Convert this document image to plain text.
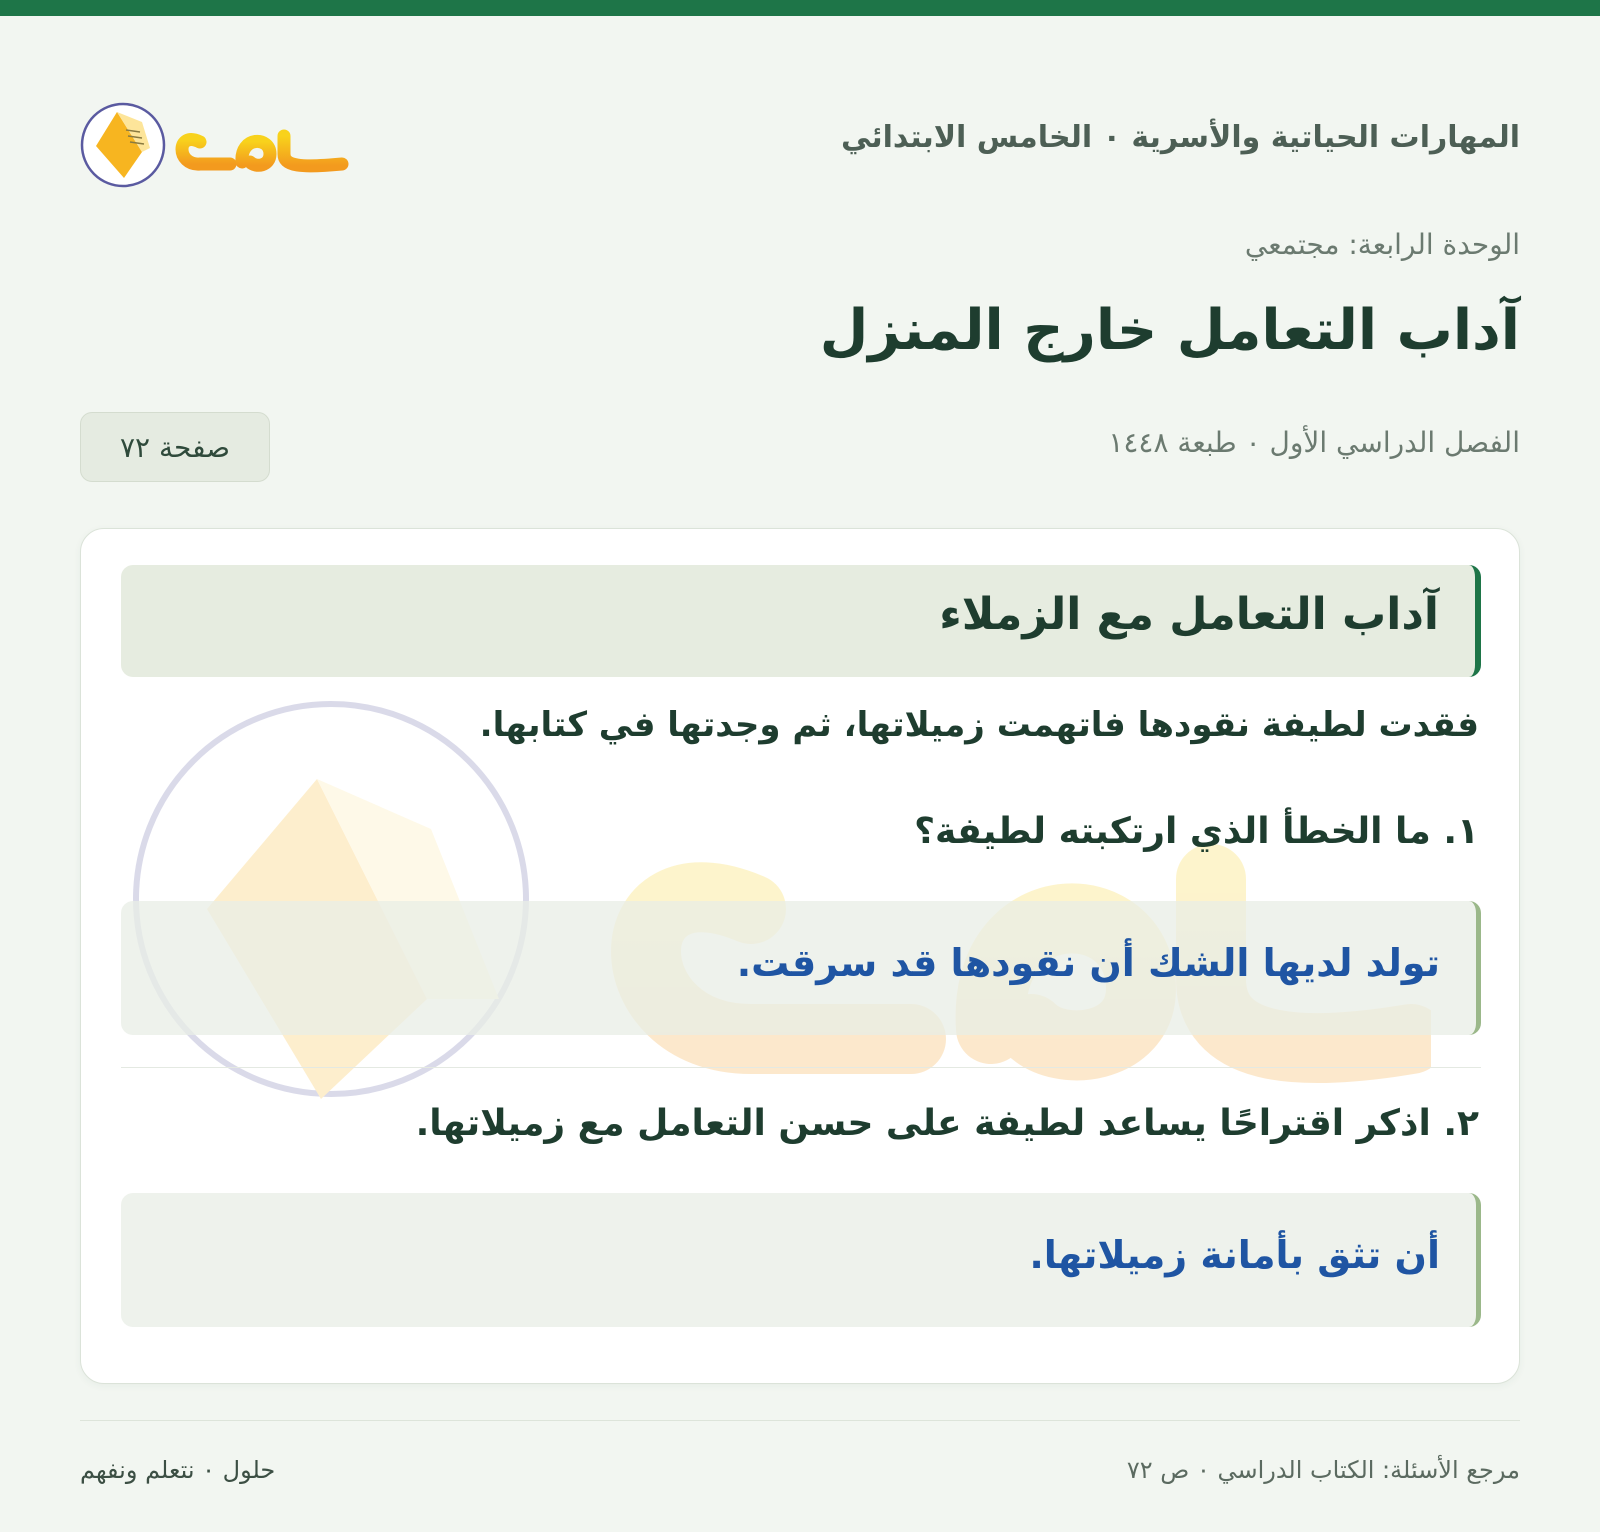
المهارات الحياتية والأسرية ٠ الخامس الابتدائي
الوحدة الرابعة: مجتمعي
آداب التعامل خارج المنزل
الفصل الدراسي الأول ٠ طبعة ١٤٤٨
صفحة ٧٢
آداب التعامل مع الزملاء
فقدت لطيفة نقودها فاتهمت زميلاتها، ثم وجدتها في كتابها.
١. ما الخطأ الذي ارتكبته لطيفة؟
تولد لديها الشك أن نقودها قد سرقت.
٢. اذكر اقتراحًا يساعد لطيفة على حسن التعامل مع زميلاتها.
أن تثق بأمانة زميلاتها.
مرجع الأسئلة: الكتاب الدراسي ٠ ص ٧٢
حلول ٠ نتعلم ونفهم
